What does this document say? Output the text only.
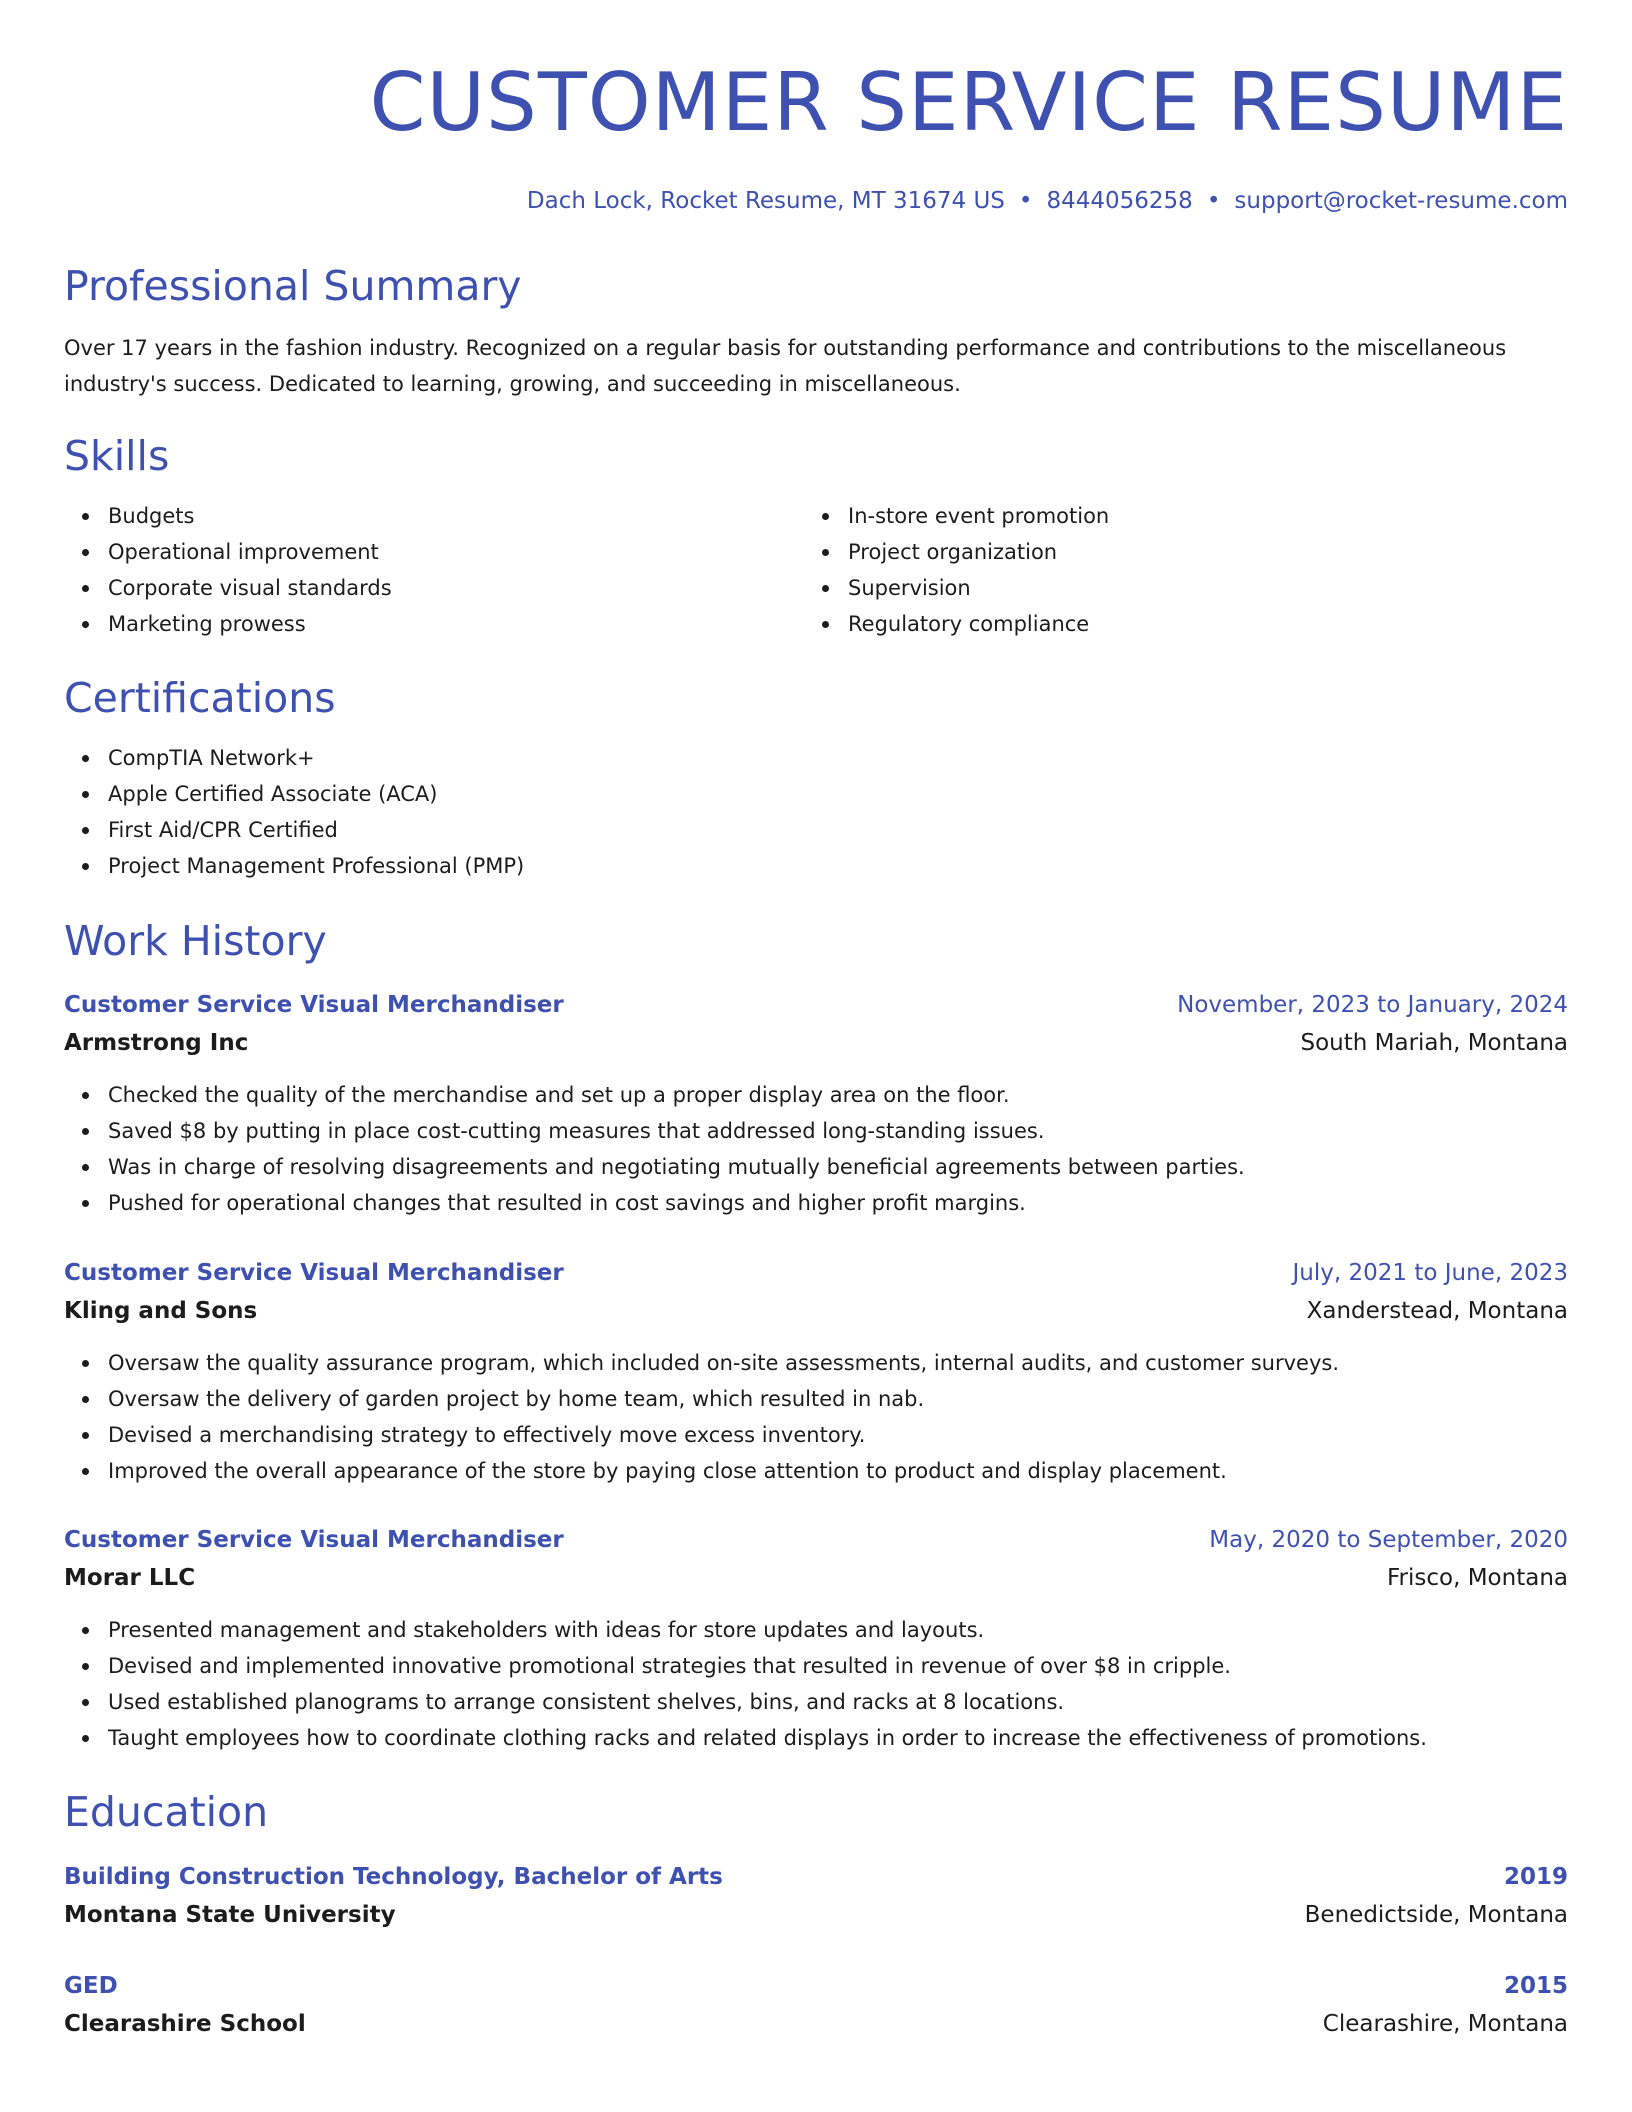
CUSTOMER SERVICE RESUME
Dach Lock, Rocket Resume, MT 31674 US • 8444056258 • support@rocket-resume.com
Professional Summary

Over 17 years in the fashion industry. Recognized on a regular basis for outstanding performance and contributions to the miscellaneous industry's success. Dedicated to learning, growing, and succeeding in miscellaneous.

Skills
Budgets
Operational improvement
Corporate visual standards
Marketing prowess
In-store event promotion
Project organization
Supervision
Regulatory compliance
Certifications
CompTIA Network+
Apple Certified Associate (ACA)
First Aid/CPR Certified
Project Management Professional (PMP)
Work History
Customer Service Visual Merchandiser	November, 2023 to January, 2024
Armstrong Inc	South Mariah, Montana
Checked the quality of the merchandise and set up a proper display area on the floor.
Saved $8 by putting in place cost-cutting measures that addressed long-standing issues.
Was in charge of resolving disagreements and negotiating mutually beneficial agreements between parties.
Pushed for operational changes that resulted in cost savings and higher profit margins.
Customer Service Visual Merchandiser	July, 2021 to June, 2023
Kling and Sons	Xanderstead, Montana
Oversaw the quality assurance program, which included on-site assessments, internal audits, and customer surveys.
Oversaw the delivery of garden project by home team, which resulted in nab.
Devised a merchandising strategy to effectively move excess inventory.
Improved the overall appearance of the store by paying close attention to product and display placement.
Customer Service Visual Merchandiser	May, 2020 to September, 2020
Morar LLC	Frisco, Montana
Presented management and stakeholders with ideas for store updates and layouts.
Devised and implemented innovative promotional strategies that resulted in revenue of over $8 in cripple.
Used established planograms to arrange consistent shelves, bins, and racks at 8 locations.
Taught employees how to coordinate clothing racks and related displays in order to increase the effectiveness of promotions.
Education
Building Construction Technology, Bachelor of Arts	2019
Montana State University	Benedictside, Montana
GED	2015
Clearashire School	Clearashire, Montana
